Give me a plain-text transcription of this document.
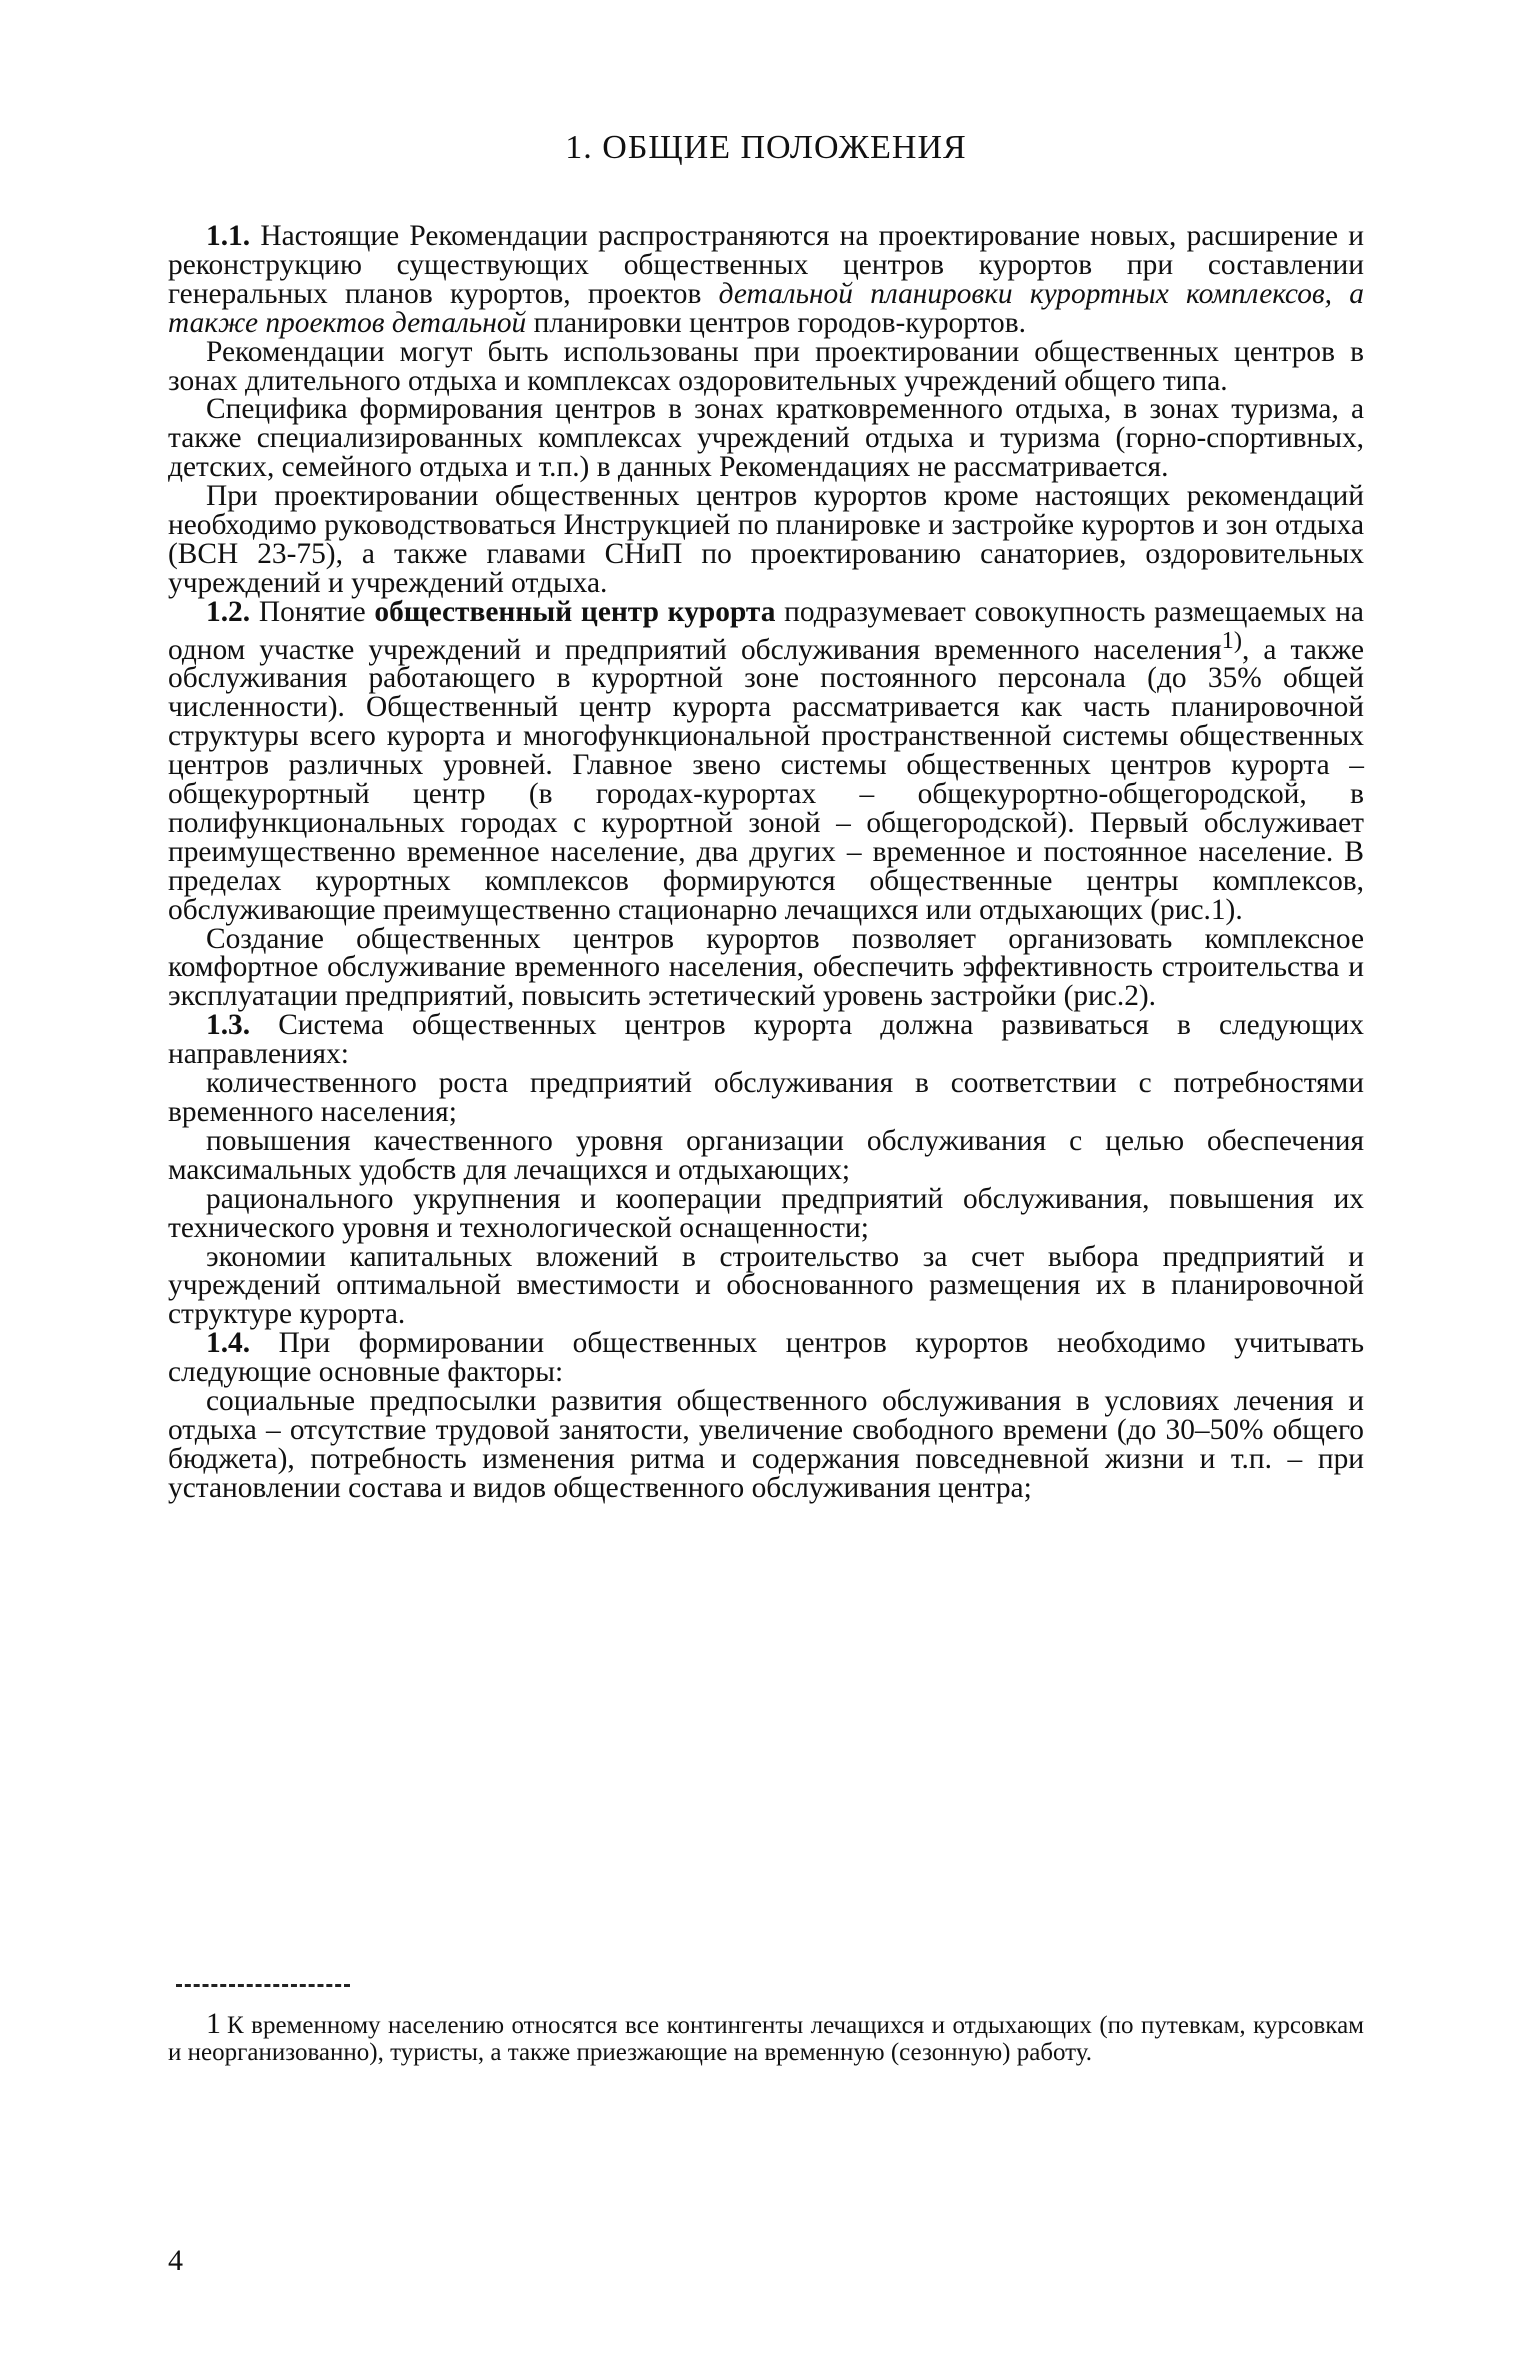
1. ОБЩИЕ ПОЛОЖЕНИЯ

1.1. Настоящие Рекомендации распространяются на проектирование новых, расширение и реконструкцию существующих общественных центров курортов при составлении генеральных планов курортов, проектов детальной планировки курортных комплексов, а также проектов детальной планировки центров городов-курортов.

Рекомендации могут быть использованы при проектировании общественных центров в зонах длительного отдыха и комплексах оздоровительных учреждений общего типа.

Специфика формирования центров в зонах кратковременного отдыха, в зонах туризма, а также специализированных комплексах учреждений отдыха и туризма (горно-спортивных, детских, семейного отдыха и т.п.) в данных Рекомендациях не рассматривается.

При проектировании общественных центров курортов кроме настоящих рекомендаций необходимо руководствоваться Инструкцией по планировке и застройке курортов и зон отдыха (ВСН 23-75), а также главами СНиП по проектированию санаториев, оздоровительных учреждений и учреждений отдыха.

1.2. Понятие общественный центр курорта подразумевает совокупность размещаемых на одном участке учреждений и предприятий обслуживания временного населения$^{1)}$, а также обслуживания работающего в курортной зоне постоянного персонала (до 35% общей численности). Общественный центр курорта рассматривается как часть планировочной структуры всего курорта и многофункциональной пространственной системы общественных центров различных уровней. Главное звено системы общественных центров курорта – общекурортный центр (в городах-курортах – общекурортно-общегородской, в полифункциональных городах с курортной зоной – общегородской). Первый обслуживает преимущественно временное население, два других – временное и постоянное население. В пределах курортных комплексов формируются общественные центры комплексов, обслуживающие преимущественно стационарно лечащихся или отдыхающих (рис.1).

Создание общественных центров курортов позволяет организовать комплексное комфортное обслуживание временного населения, обеспечить эффективность строительства и эксплуатации предприятий, повысить эстетический уровень застройки (рис.2).

1.3. Система общественных центров курорта должна развиваться в следующих направлениях:

количественного роста предприятий обслуживания в соответствии с потребностями временного населения;

повышения качественного уровня организации обслуживания с целью обеспечения максимальных удобств для лечащихся и отдыхающих;

рационального укрупнения и кооперации предприятий обслуживания, повышения их технического уровня и технологической оснащенности;

экономии капитальных вложений в строительство за счет выбора предприятий и учреждений оптимальной вместимости и обоснованного размещения их в планировочной структуре курорта.

1.4. При формировании общественных центров курортов необходимо учитывать следующие основные факторы:

социальные предпосылки развития общественного обслуживания в условиях лечения и отдыха – отсутствие трудовой занятости, увеличение свободного времени (до 30–50% общего бюджета), потребность изменения ритма и содержания повседневной жизни и т.п. – при установлении состава и видов общественного обслуживания центра;

1 К временному населению относятся все контингенты лечащихся и отдыхающих (по путевкам, курсовкам и неорганизованно), туристы, а также приезжающие на временную (сезонную) работу.

4
